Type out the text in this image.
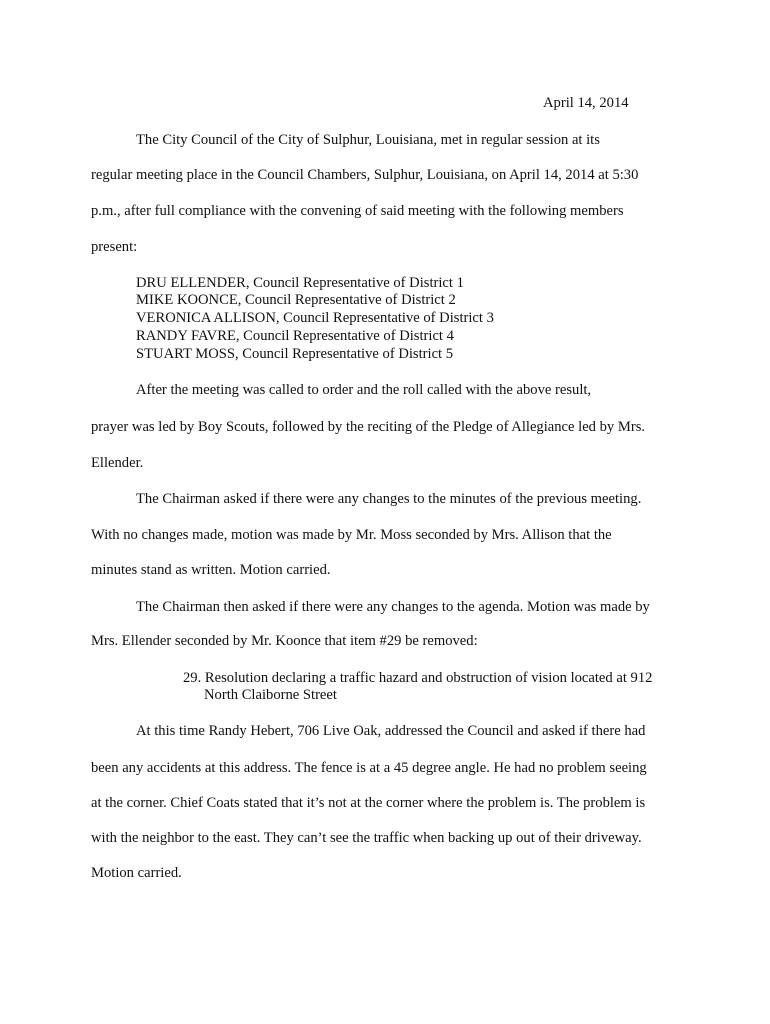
April 14, 2014
The City Council of the City of Sulphur, Louisiana, met in regular session at its
regular meeting place in the Council Chambers, Sulphur, Louisiana, on April 14, 2014 at 5:30
p.m., after full compliance with the convening of said meeting with the following members
present:
DRU ELLENDER, Council Representative of District 1
MIKE KOONCE, Council Representative of District 2
VERONICA ALLISON, Council Representative of District 3
RANDY FAVRE, Council Representative of District 4
STUART MOSS, Council Representative of District 5
After the meeting was called to order and the roll called with the above result,
prayer was led by Boy Scouts, followed by the reciting of the Pledge of Allegiance led by Mrs.
Ellender.
The Chairman asked if there were any changes to the minutes of the previous meeting.
With no changes made, motion was made by Mr. Moss seconded by Mrs. Allison that the
minutes stand as written. Motion carried.
The Chairman then asked if there were any changes to the agenda. Motion was made by
Mrs. Ellender seconded by Mr. Koonce that item #29 be removed:
29. Resolution declaring a traffic hazard and obstruction of vision located at 912
North Claiborne Street
At this time Randy Hebert, 706 Live Oak, addressed the Council and asked if there had
been any accidents at this address. The fence is at a 45 degree angle. He had no problem seeing
at the corner. Chief Coats stated that it’s not at the corner where the problem is. The problem is
with the neighbor to the east. They can’t see the traffic when backing up out of their driveway.
Motion carried.
